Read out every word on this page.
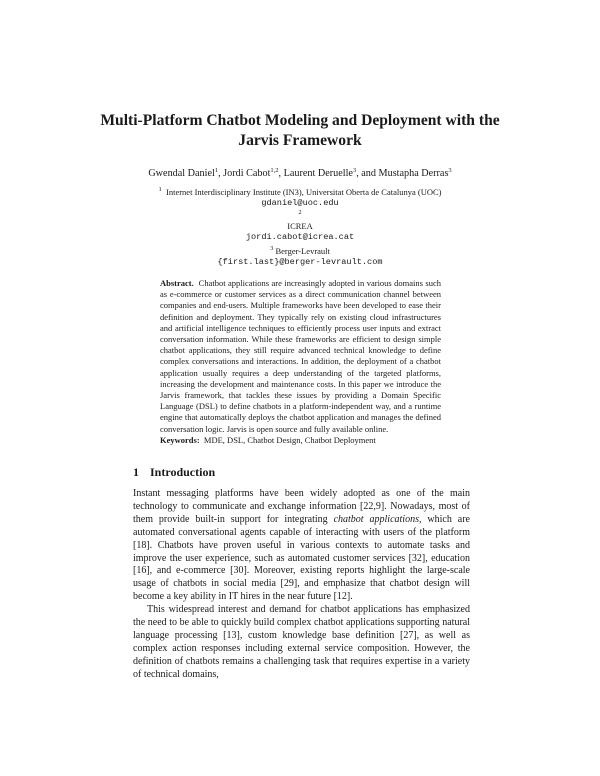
Multi-Platform Chatbot Modeling and Deployment with the Jarvis Framework
Gwendal Daniel$^1$, Jordi Cabot$^{1,2}$, Laurent Deruelle$^3$, and Mustapha Derras$^3$
$^1$ Internet Interdisciplinary Institute (IN3), Universitat Oberta de Catalunya (UOC)
gdaniel@uoc.edu
$^2$
ICREA
jordi.cabot@icrea.cat
$^3$ Berger-Levrault
{first.last}@berger-levrault.com
Abstract. Chatbot applications are increasingly adopted in various domains such as e-commerce or customer services as a direct communication channel between companies and end-users. Multiple frameworks have been developed to ease their definition and deployment. They typically rely on existing cloud infrastructures and artificial intelligence techniques to efficiently process user inputs and extract conversation information. While these frameworks are efficient to design simple chatbot applications, they still require advanced technical knowledge to define complex conversations and interactions. In addition, the deployment of a chatbot application usually requires a deep understanding of the targeted platforms, increasing the development and maintenance costs. In this paper we introduce the Jarvis framework, that tackles these issues by providing a Domain Specific Language (DSL) to define chatbots in a platform-independent way, and a runtime engine that automatically deploys the chatbot application and manages the defined conversation logic. Jarvis is open source and fully available online.
Keywords: MDE, DSL, Chatbot Design, Chatbot Deployment
1 Introduction

Instant messaging platforms have been widely adopted as one of the main technology to communicate and exchange information [22,9]. Nowadays, most of them provide built-in support for integrating chatbot applications, which are automated conversational agents capable of interacting with users of the platform [18]. Chatbots have proven useful in various contexts to automate tasks and improve the user experience, such as automated customer services [32], education [16], and e-commerce [30]. Moreover, existing reports highlight the large-scale usage of chatbots in social media [29], and emphasize that chatbot design will become a key ability in IT hires in the near future [12].

This widespread interest and demand for chatbot applications has emphasized the need to be able to quickly build complex chatbot applications supporting natural language processing [13], custom knowledge base definition [27], as well as complex action responses including external service composition. However, the definition of chatbots remains a challenging task that requires expertise in a variety of technical domains,
